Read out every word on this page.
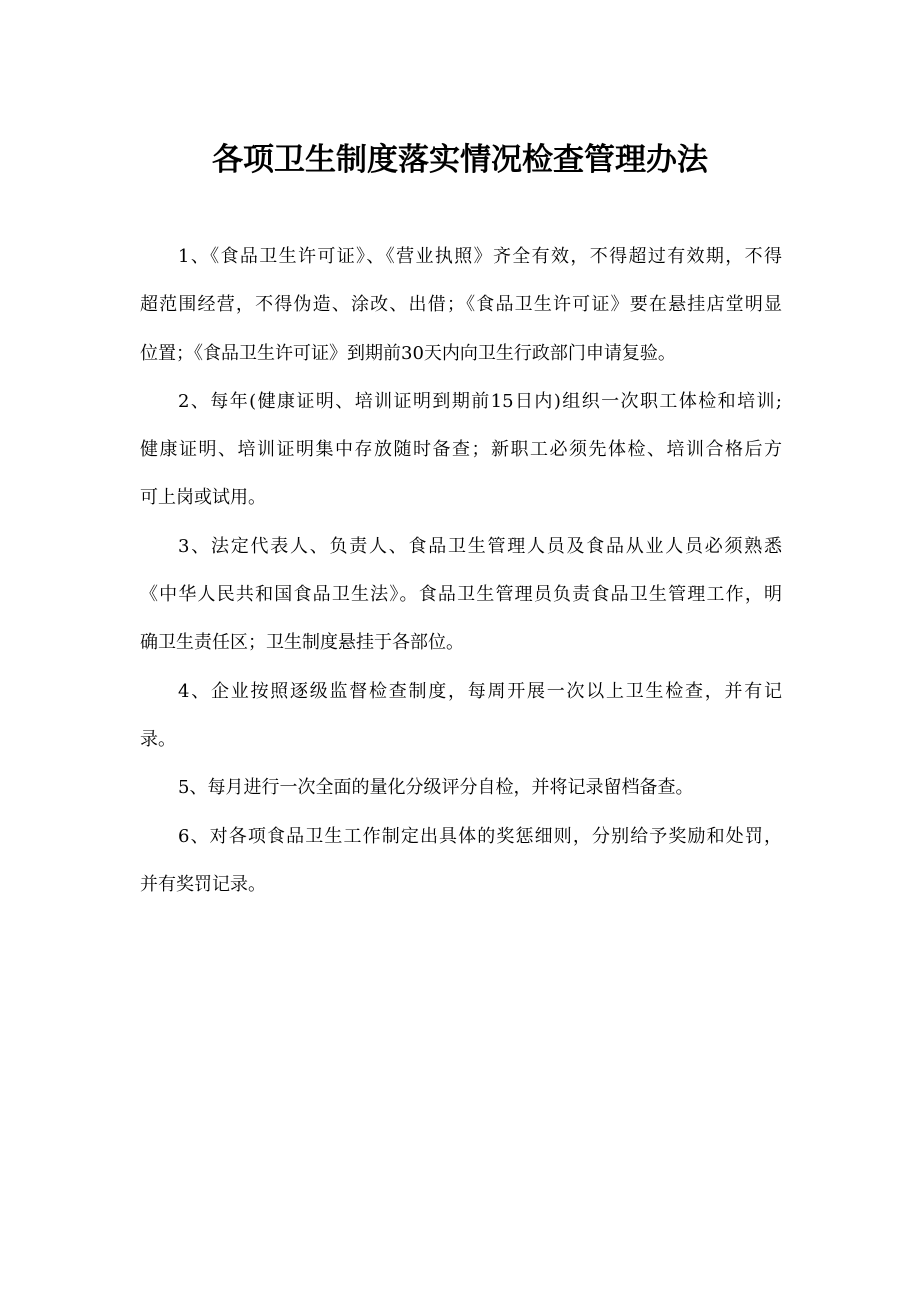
各项卫生制度落实情况检查管理办法
1、《食品卫生许可证》、《营业执照》齐全有效，不得超过有效期，不得
超范围经营，不得伪造、涂改、出借；《食品卫生许可证》要在悬挂店堂明显
位置；《食品卫生许可证》到期前30天内向卫生行政部门申请复验。
2、每年(健康证明、培训证明到期前15日内)组织一次职工体检和培训;
健康证明、培训证明集中存放随时备查；新职工必须先体检、培训合格后方
可上岗或试用。
3、法定代表人、负责人、食品卫生管理人员及食品从业人员必须熟悉
《中华人民共和国食品卫生法》。食品卫生管理员负责食品卫生管理工作，明
确卫生责任区；卫生制度悬挂于各部位。
4、企业按照逐级监督检查制度，每周开展一次以上卫生检查，并有记
录。
5、每月进行一次全面的量化分级评分自检，并将记录留档备查。
6、对各项食品卫生工作制定出具体的奖惩细则，分别给予奖励和处罚，
并有奖罚记录。
